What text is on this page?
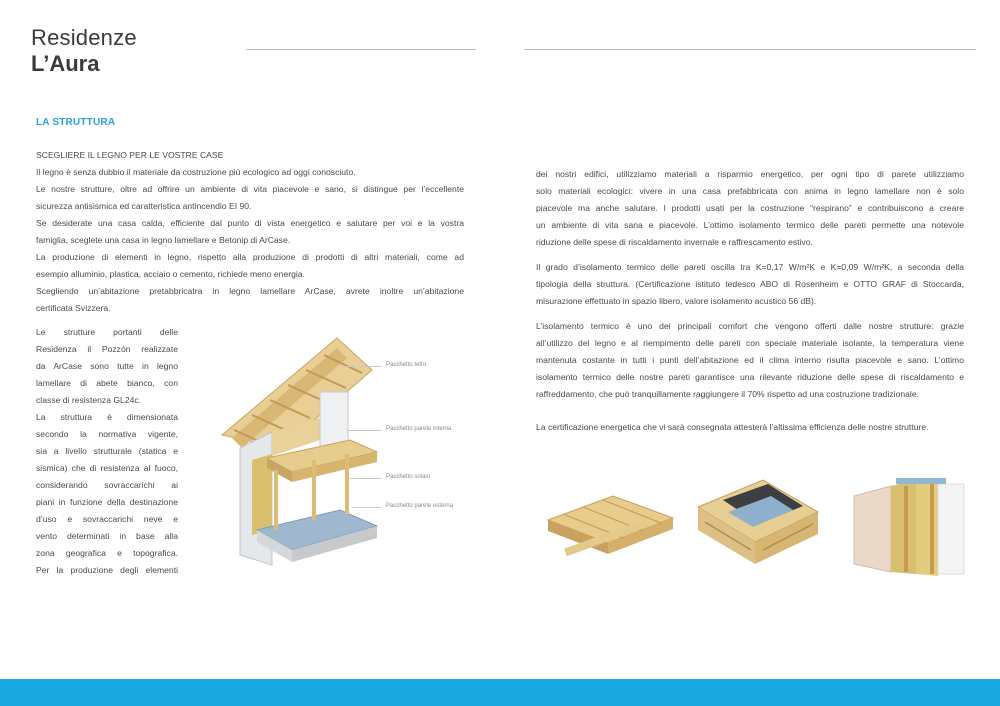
Residenze
L’Aura
LA STRUTTURA
SCEGLIERE IL LEGNO PER LE VOSTRE CASE
Il legno è senza dubbio il materiale da costruzione più ecologico ad oggi conosciuto.
Le nostre strutture, oltre ad offrire un ambiente di vita piacevole e sano, si distingue per l’eccellente
sicurezza antisismica ed caratteristica antincendio EI 90.
Se desiderate una casa calda, efficiente dal punto di vista energetico e salutare per voi e la vostra
famiglia, sceglete una casa in legno lamellare e Betonip di ArCase.
La produzione di elementi in legno, rispetto alla produzione di prodotti di altri materiali, come ad
esempio alluminio, plastica, acciaio o cemento, richiede meno energia.
Scegliendo un’abitazione pretabbricatra in legno lamellare ArCase, avrete inoltre un’abitazione
certificata Svizzera.
Le strutture portanti delle
Residenza il Pozzòn realizzate
da ArCase sono tutte in legno
lamellare di abete bianco, con
classe di resistenza GL24c.
La struttura è dimensionata
secondo la normativa vigente,
sia a livello strutturale (statica e
sismica) che di resistenza al fuoco,
considerando sovraccarichi ai
piani in funzione della destinazione
d’uso e sovraccarichi neve e
vento determinati in base alla
zona geografica e topografica.
Per la produzione degli elementi
Pacchetto tetto
Pacchetto parete interna
Pacchetto solaio
Pacchetto parete esterna
dei nostri edifici, utilizziamo materiali a risparmio energetico, per ogni tipo di parete utilizziamo
solo materiali ecologici: vivere in una casa prefabbricata con anima in legno lamellare non è solo
piacevole ma anche salutare. I prodotti usati per la costruzione “respirano” e contribuiscono a creare
un ambiente di vita sana e piacevole. L’ottimo isolamento termico delle pareti permette una notevole
riduzione delle spese di riscaldamento invernale e raffrescamento estivo.
Il grado d’isolamento termico delle pareti oscilla tra K=0,17 W/m²K e K=0,09 W/m²K, a seconda della
tipologia della struttura. (Certificazione istituto tedesco ABO di Rosenheim e OTTO GRAF di Stoccarda,
misurazione effettuato in spazio libero, valore isolamento acustico 56 dB).
L’isolamento termico è uno dei principali comfort che vengono offerti dalle nostre strutture: grazie
all’utilizzo del legno e al riempimento delle pareti con speciale materiale isolante, la temperatura viene
mantenuta costante in tutti i punti dell’abitazione ed il clima interno risulta piacevole e sano. L’ottimo
isolamento termico delle nostre pareti garantisce una rilevante riduzione delle spese di riscaldamento e
raffreddamento, che può tranquillamente raggiungere il 70% rispetto ad una costruzione tradizionale.
La certificazione energetica che vi sarà consegnata attesterà l’altissima efficienza delle nostre strutture.
